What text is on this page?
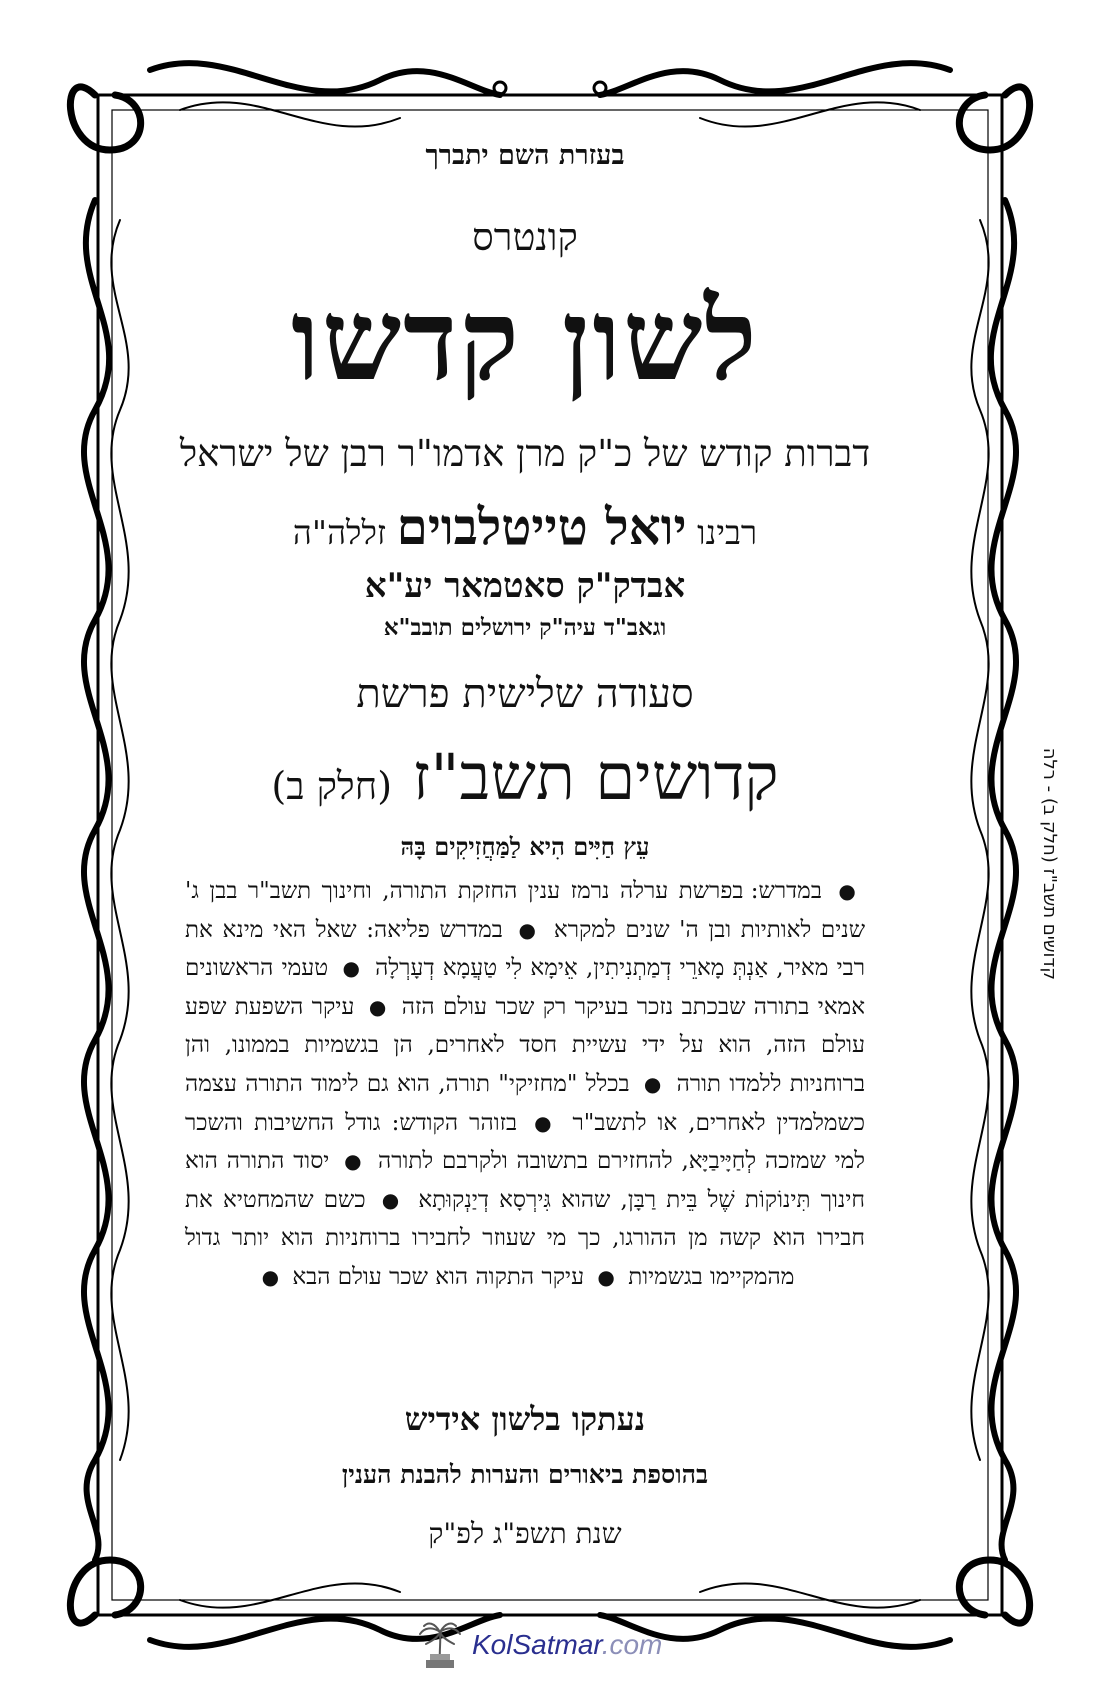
בעזרת השם יתברך
קונטרס
לשון קדשו
דברות קודש של כ"ק מרן אדמו"ר רבן של ישראל
רבינו יואל טייטלבוים זללה"ה
אבדק"ק סאטמאר יע"א
וגאב"ד עיה"ק ירושלים תובב"א
סעודה שלישית פרשת
קדושים תשב"ז (חלק ב)
עֵץ חַיִּים הִיא לַמַּחֲזִיקִים בָּהּ
● במדרש: בפרשת ערלה נרמז ענין החזקת התורה, וחינוך תשב"ר בבן ג' שנים לאותיות ובן ה' שנים למקרא ● במדרש פליאה: שאל האי מינא את רבי מאיר, אַנְתְּ מָארֵי דְמַתְנִיתִין, אֵימָא לִי טַעֲמָא דְעָרְלָה ● טעמי הראשונים אמאי בתורה שבכתב נזכר בעיקר רק שכר עולם הזה ● עיקר השפעת שפע עולם הזה, הוא על ידי עשיית חסד לאחרים, הן בגשמיות בממונו, והן ברוחניות ללמדו תורה ● בכלל "מחזיקי" תורה, הוא גם לימוד התורה עצמה כשמלמדין לאחרים, או לתשב"ר ● בזוהר הקודש: גודל החשיבות והשכר למי שמזכה לְחַיָּיבַיָּא, להחזירם בתשובה ולקרבם לתורה ● יסוד התורה הוא חינוך תִּינוֹקוֹת שֶׁל בֵּית רַבָּן, שהוא גִּירְסָא דְיַנְקוּתָא ● כשם שהמחטיא את חבירו הוא קשה מן ההורגו, כך מי שעוזר לחבירו ברוחניות הוא יותר גדול מהמקיימו בגשמיות ● עיקר התקוה הוא שכר עולם הבא ●
נעתקו בלשון אידיש
בהוספת ביאורים והערות להבנת הענין
שנת תשפ"ג לפ"ק
קדושים תשב"ז (חלק ב) - רלה
KolSatmar.com
